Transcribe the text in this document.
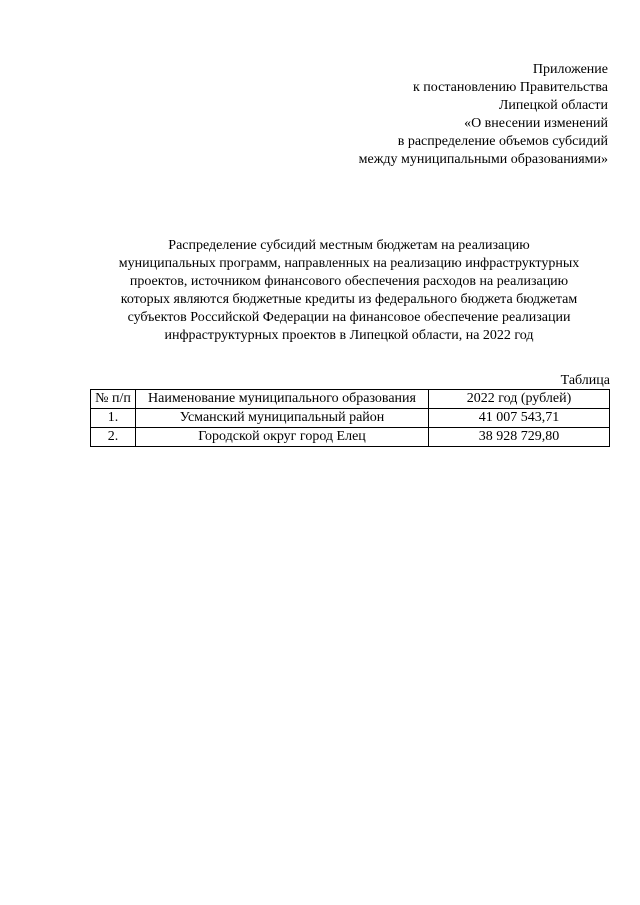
Приложение
к постановлению Правительства
Липецкой области
«О внесении изменений
в распределение объемов субсидий
между муниципальными образованиями»
Распределение субсидий местным бюджетам на реализацию
муниципальных программ, направленных на реализацию инфраструктурных
проектов, источником финансового обеспечения расходов на реализацию
которых являются бюджетные кредиты из федерального бюджета бюджетам
субъектов Российской Федерации на финансовое обеспечение реализации
инфраструктурных проектов в Липецкой области, на 2022 год
Таблица
№ п/п	Наименование муниципального образования	2022 год (рублей)
1.	Усманский муниципальный район	41 007 543,71
2.	Городской округ город Елец	38 928 729,80
